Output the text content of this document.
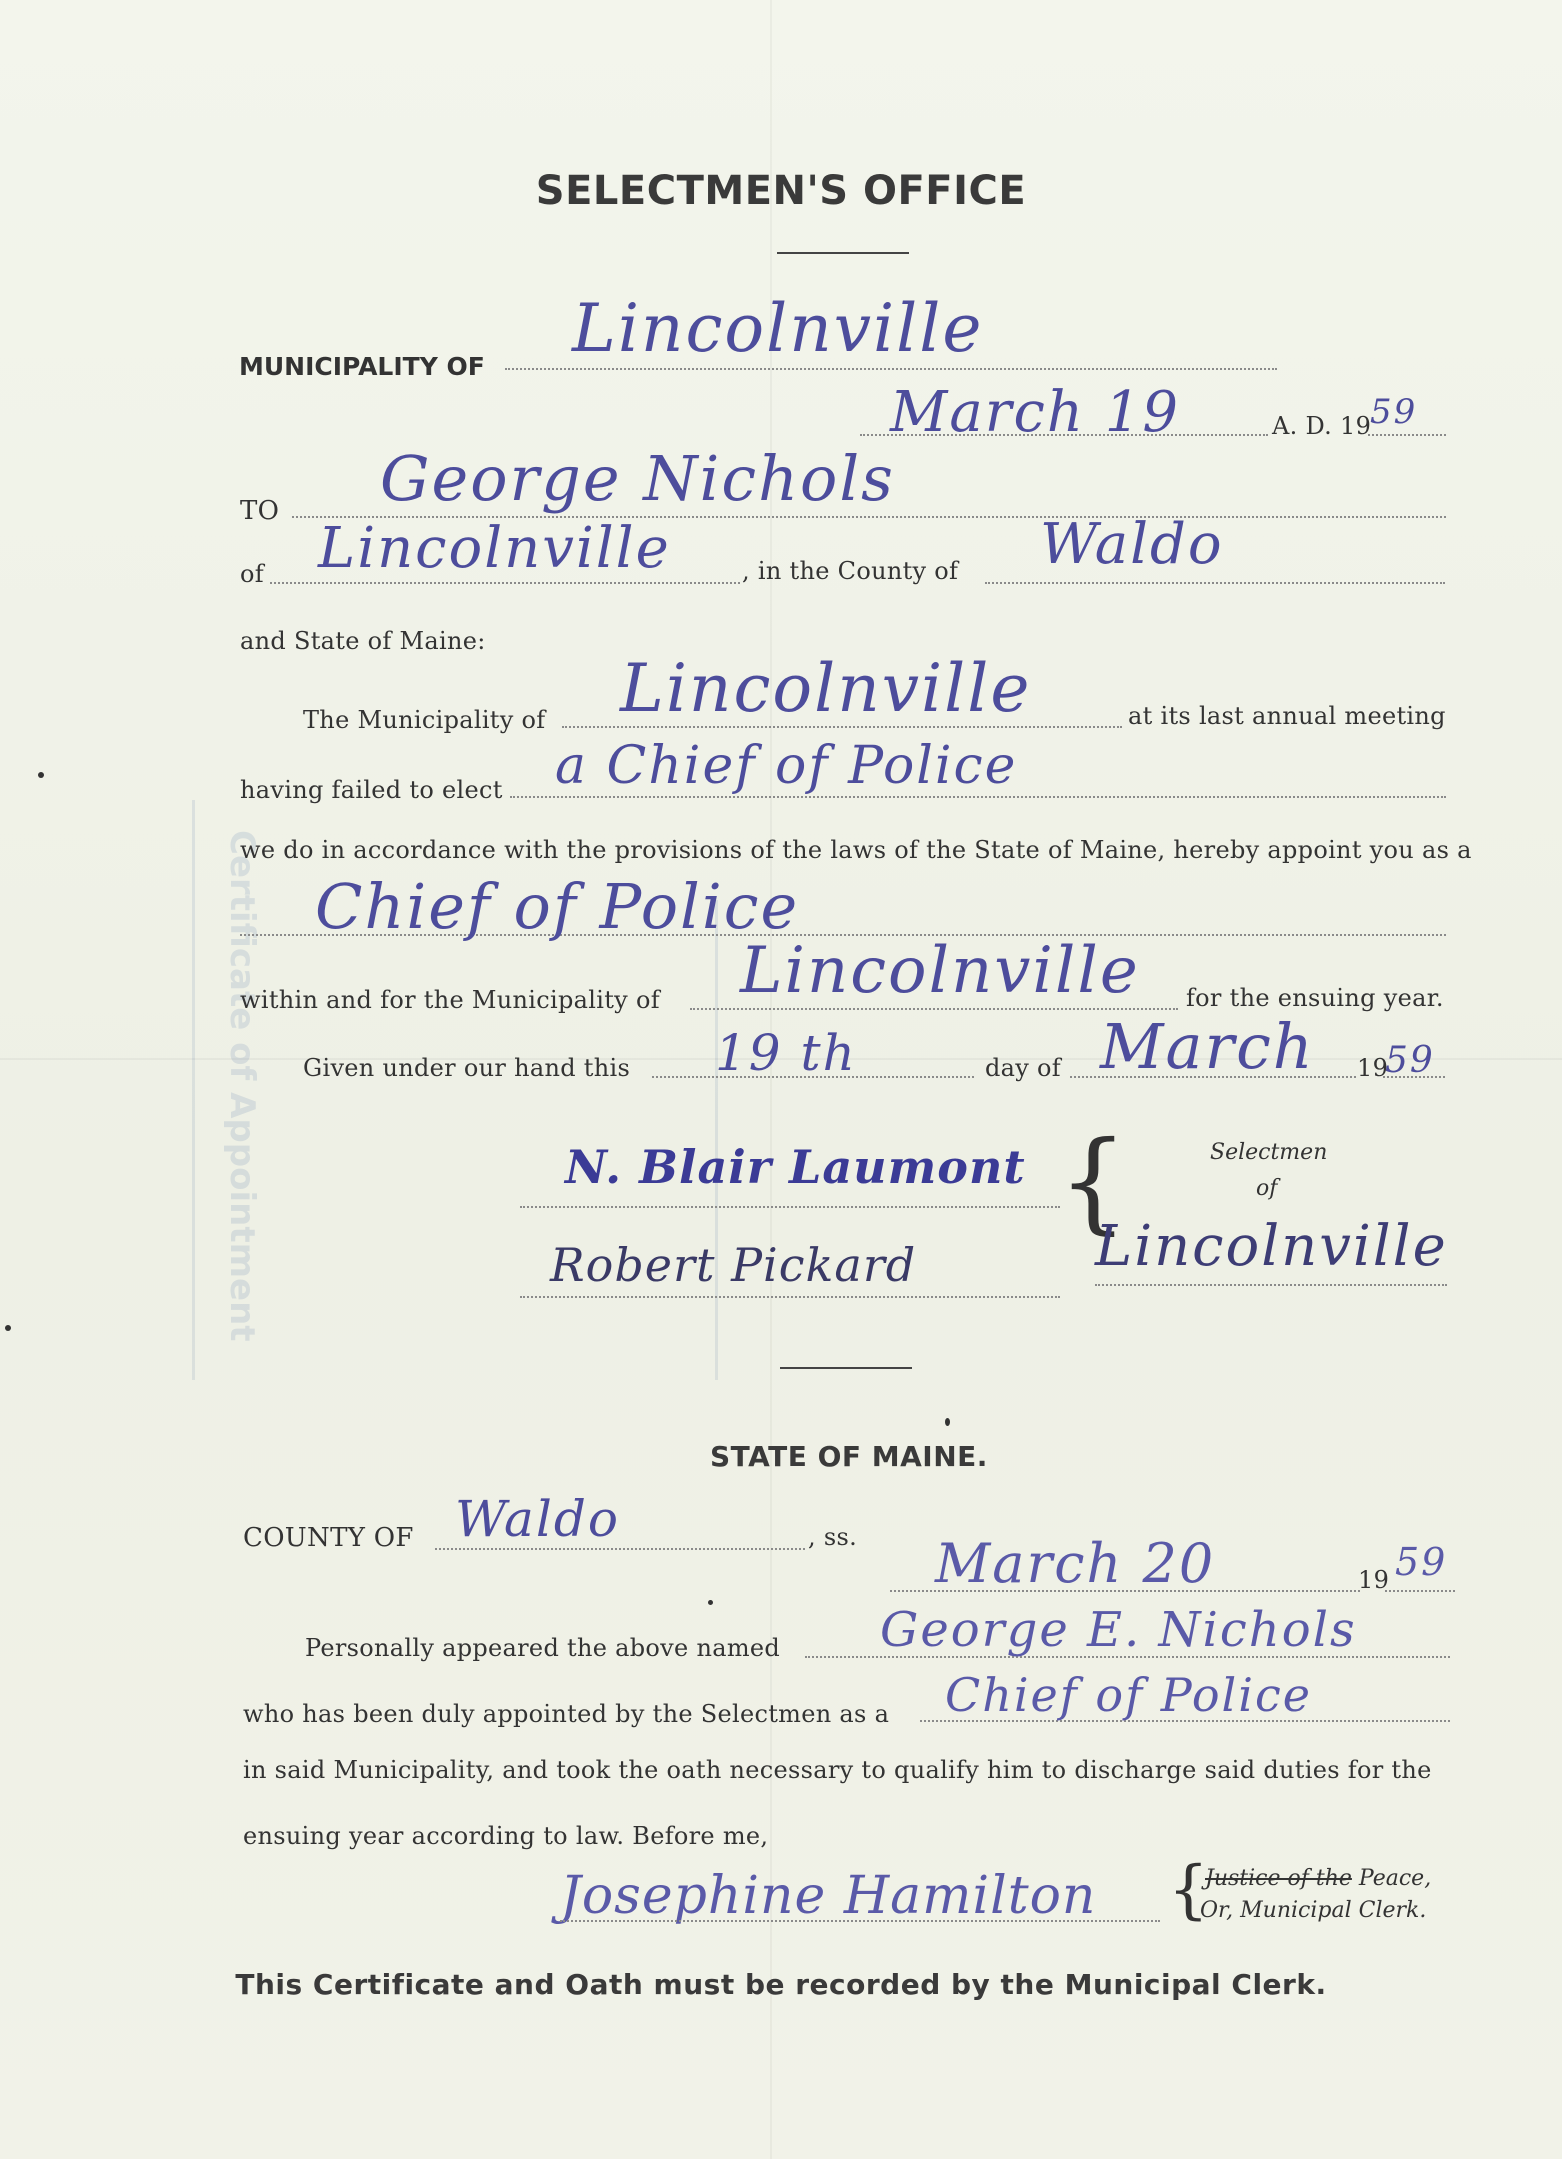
Certificate of Appointment
SELECTMEN'S OFFICE
MUNICIPALITY OF Lincolnville
March 19	A. D. 19
59
TO George Nichols
of Lincolnville	, in the County of Waldo
and State of Maine:
The Municipality of Lincolnville	at its last annual meeting
having failed to elect a Chief of Police
we do in accordance with the provisions of the laws of the State of Maine, hereby appoint you as a
Chief of Police
within and for the Municipality of Lincolnville for the ensuing year.
Given under our hand this 19 th	day of March 19
59
N. Blair Laumont
Robert Pickard
{	Selectmen
of
Lincolnville
STATE OF MAINE.
COUNTY OF Waldo	, ss. March 20	19 59
Personally appeared the above named George E. Nichols
who has been duly appointed by the Selectmen as a Chief of Police
in said Municipality, and took the oath necessary to qualify him to discharge said duties for the
ensuing year according to law. Before me,
Josephine Hamilton {
Justice of the Peace,
Or, Municipal Clerk.
This Certificate and Oath must be recorded by the Municipal Clerk.
